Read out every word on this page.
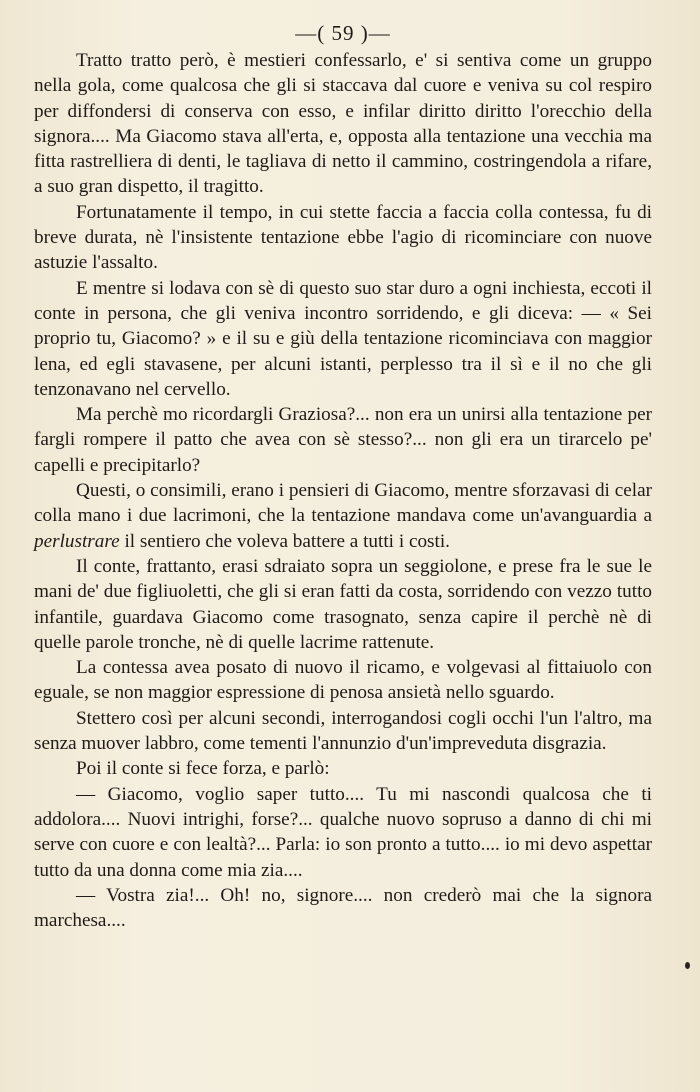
—( 59 )—

Tratto tratto però, è mestieri confessarlo, e' si sentiva come un gruppo nella gola, come qualcosa che gli si staccava dal cuore e veniva su col respiro per diffondersi di conserva con esso, e infilar diritto diritto l'orecchio della signora.... Ma Giacomo stava all'erta, e, opposta alla tentazione una vecchia ma fitta rastrelliera di denti, le tagliava di netto il cammino, costringendola a rifare, a suo gran dispetto, il tragitto.

Fortunatamente il tempo, in cui stette faccia a faccia colla contessa, fu di breve durata, nè l'insistente tentazione ebbe l'agio di ricominciare con nuove astuzie l'assalto.

E mentre si lodava con sè di questo suo star duro a ogni inchiesta, eccoti il conte in persona, che gli veniva incontro sorridendo, e gli diceva: — « Sei proprio tu, Giacomo? » e il su e giù della tentazione ricominciava con maggior lena, ed egli stavasene, per alcuni istanti, perplesso tra il sì e il no che gli tenzonavano nel cervello.

Ma perchè mo ricordargli Graziosa?... non era un unirsi alla tentazione per fargli rompere il patto che avea con sè stesso?... non gli era un tirarcelo pe' capelli e precipitarlo?

Questi, o consimili, erano i pensieri di Giacomo, mentre sforzavasi di celar colla mano i due lacrimoni, che la tentazione mandava come un'avanguardia a perlustrare il sentiero che voleva battere a tutti i costi.

Il conte, frattanto, erasi sdraiato sopra un seggiolone, e prese fra le sue le mani de' due figliuoletti, che gli si eran fatti da costa, sorridendo con vezzo tutto infantile, guardava Giacomo come trasognato, senza capire il perchè nè di quelle parole tronche, nè di quelle lacrime rattenute.

La contessa avea posato di nuovo il ricamo, e volgevasi al fittaiuolo con eguale, se non maggior espressione di penosa ansietà nello sguardo.

Stettero così per alcuni secondi, interrogandosi cogli occhi l'un l'altro, ma senza muover labbro, come tementi l'annunzio d'un'impreveduta disgrazia.

Poi il conte si fece forza, e parlò:

— Giacomo, voglio saper tutto.... Tu mi nascondi qualcosa che ti addolora.... Nuovi intrighi, forse?... qualche nuovo sopruso a danno di chi mi serve con cuore e con lealtà?... Parla: io son pronto a tutto.... io mi devo aspettar tutto da una donna come mia zia....

— Vostra zia!... Oh! no, signore.... non crederò mai che la signora marchesa....
